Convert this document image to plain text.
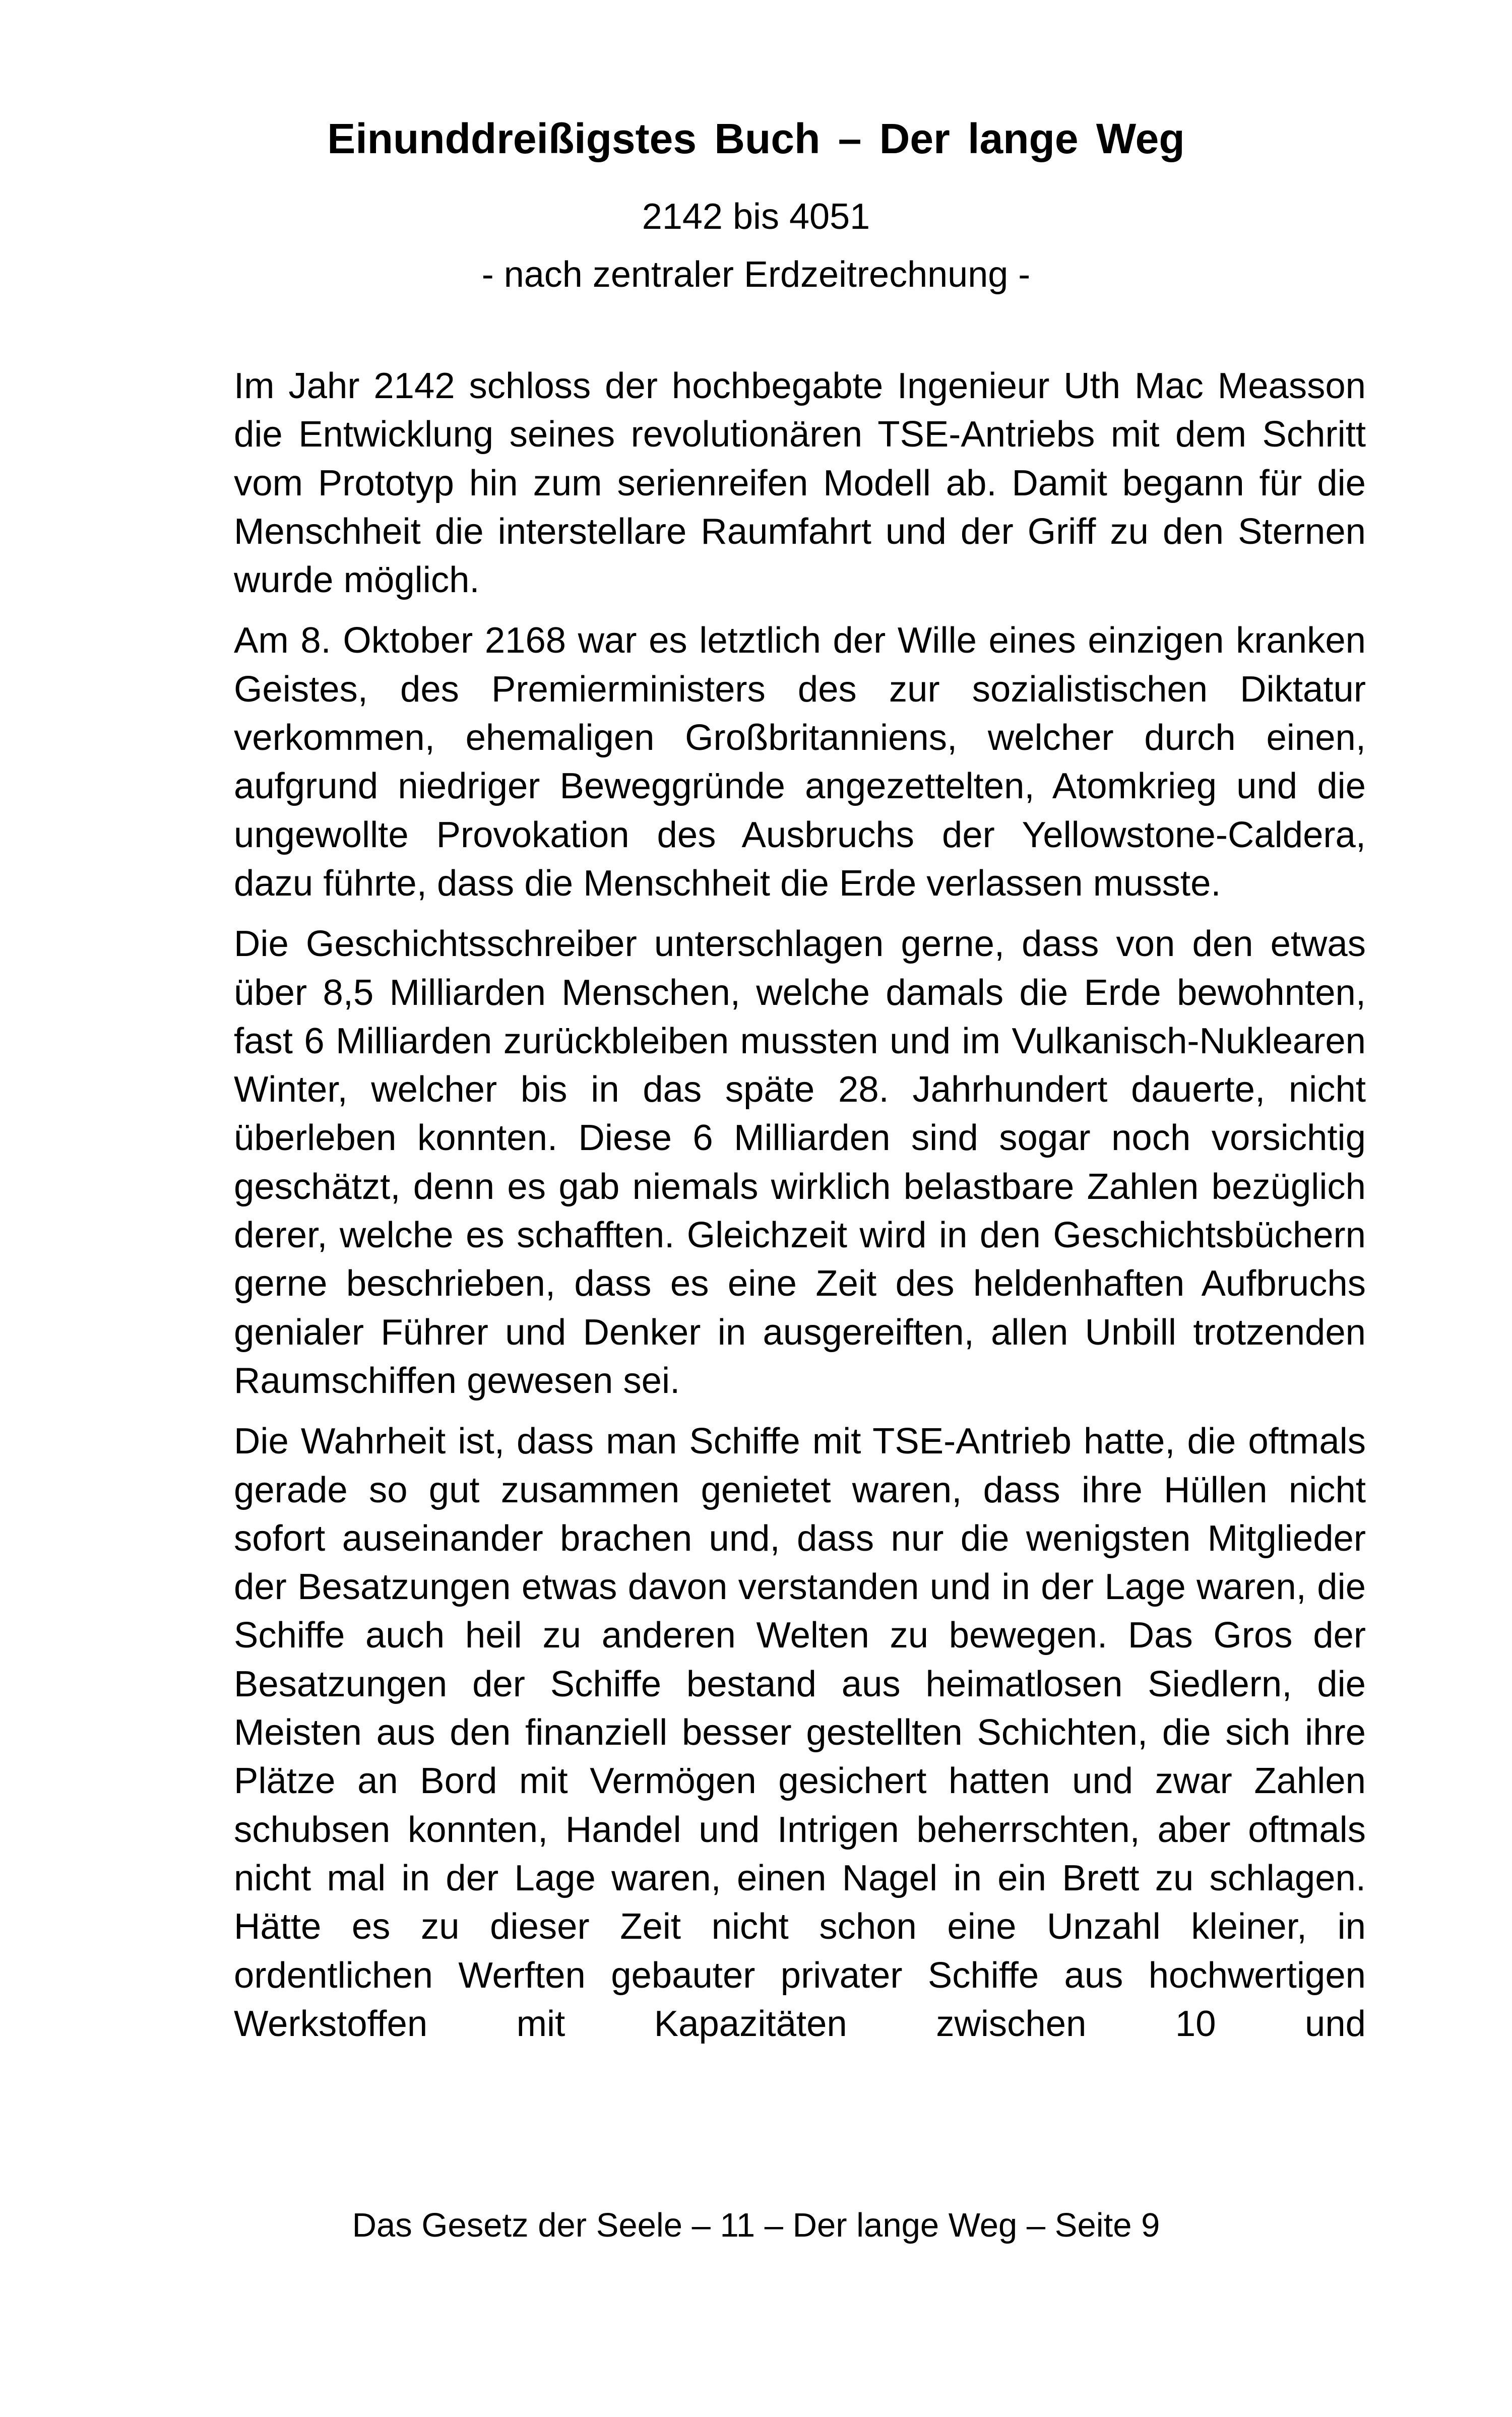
Einunddreißigstes Buch – Der lange Weg
2142 bis 4051
- nach zentraler Erdzeitrechnung -

Im Jahr 2142 schloss der hochbegabte Ingenieur Uth Mac Measson die Entwicklung seines revolutionären TSE-Antriebs mit dem Schritt vom Prototyp hin zum serienreifen Modell ab. Damit begann für die Menschheit die interstellare Raumfahrt und der Griff zu den Sternen wurde möglich.

Am 8. Oktober 2168 war es letztlich der Wille eines einzigen kranken Geistes, des Premierministers des zur sozialistischen Diktatur verkommen, ehemaligen Großbritanniens, welcher durch einen, aufgrund niedriger Beweggründe angezettelten, Atomkrieg und die ungewollte Provokation des Ausbruchs der Yellowstone-Caldera, dazu führte, dass die Menschheit die Erde verlassen musste.

Die Geschichtsschreiber unterschlagen gerne, dass von den etwas über 8,5 Milliarden Menschen, welche damals die Erde bewohnten, fast 6 Milliarden zurückbleiben mussten und im Vulkanisch-Nuklearen Winter, welcher bis in das späte 28. Jahrhundert dauerte, nicht überleben konnten. Diese 6 Milliarden sind sogar noch vorsichtig geschätzt, denn es gab niemals wirklich belastbare Zahlen bezüglich derer, welche es schafften. Gleichzeit wird in den Geschichtsbüchern gerne beschrieben, dass es eine Zeit des heldenhaften Aufbruchs genialer Führer und Denker in ausgereiften, allen Unbill trotzenden Raumschiffen gewesen sei.

Die Wahrheit ist, dass man Schiffe mit TSE-Antrieb hatte, die oftmals gerade so gut zusammen genietet waren, dass ihre Hüllen nicht sofort auseinander brachen und, dass nur die wenigsten Mitglieder der Besatzungen etwas davon verstanden und in der Lage waren, die Schiffe auch heil zu anderen Welten zu bewegen. Das Gros der Besatzungen der Schiffe bestand aus heimatlosen Siedlern, die Meisten aus den finanziell besser gestellten Schichten, die sich ihre Plätze an Bord mit Vermögen gesichert hatten und zwar Zahlen schubsen konnten, Handel und Intrigen beherrschten, aber oftmals nicht mal in der Lage waren, einen Nagel in ein Brett zu schlagen. Hätte es zu dieser Zeit nicht schon eine Unzahl kleiner, in ordentlichen Werften gebauter privater Schiffe aus hochwertigen Werkstoffen mit Kapazitäten zwischen 10 und

Das Gesetz der Seele – 11 – Der lange Weg – Seite 9
